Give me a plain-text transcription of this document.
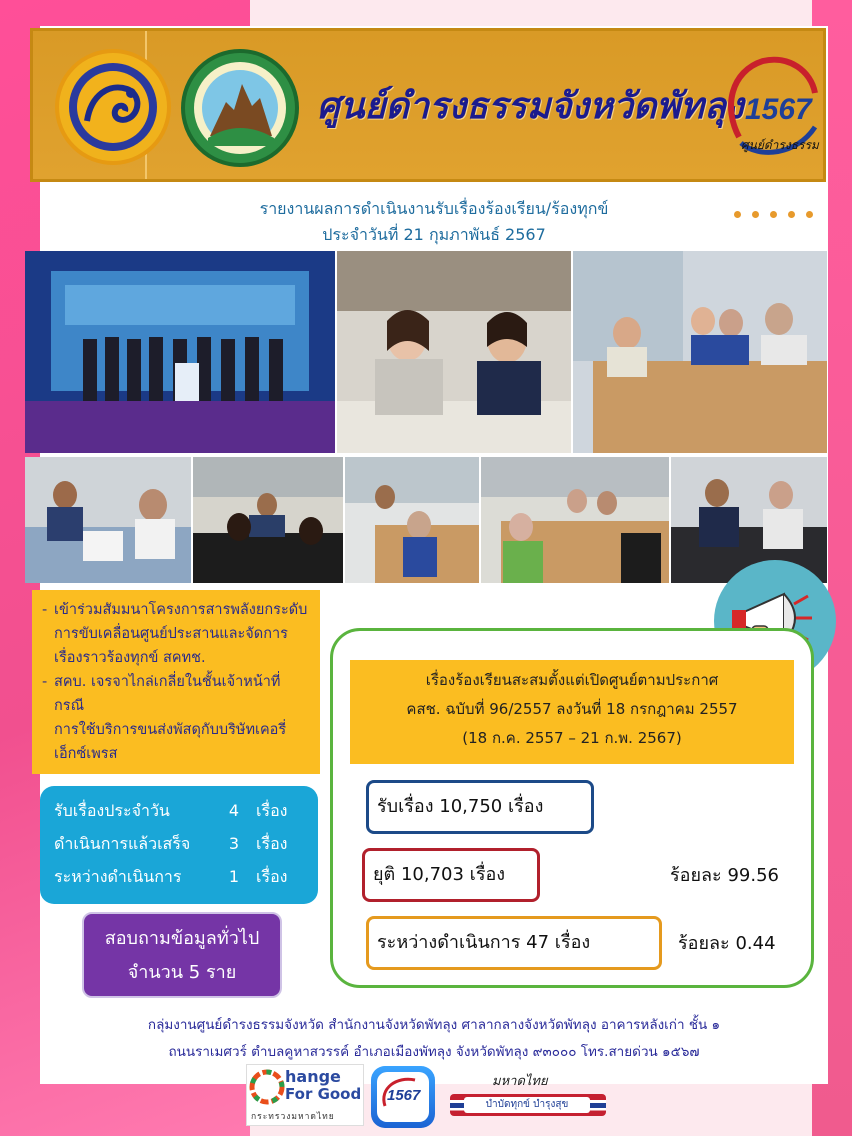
ศูนย์ดำรงธรรมจังหวัดพัทลุง 1567
ศูนย์ดำรงธรรม
รายงานผลการดำเนินงานรับเรื่องร้องเรียน/ร้องทุกข์
ประจำวันที่ 21 กุมภาพันธ์ 2567
- เข้าร่วมสัมมนาโครงการสารพลังยกระดับ
การขับเคลื่อนศูนย์ประสานและจัดการ
เรื่องราวร้องทุกข์ สคทช.
- สคบ. เจรจาไกล่เกลี่ยในชั้นเจ้าหน้าที่กรณี
การใช้บริการขนส่งพัสดุกับบริษัทเคอรี่
เอ็กซ์เพรส
รับเรื่องประจำวัน	4	เรื่อง
ดำเนินการแล้วเสร็จ	3	เรื่อง
ระหว่างดำเนินการ	1	เรื่อง
สอบถามข้อมูลทั่วไป
จำนวน 5 ราย
เรื่องร้องเรียนสะสมตั้งแต่เปิดศูนย์ตามประกาศ
คสช. ฉบับที่ 96/2557 ลงวันที่ 18 กรกฎาคม 2557
(18 ก.ค. 2557 – 21 ก.พ. 2567)
รับเรื่อง 10,750 เรื่อง
ยุติ 10,703 เรื่อง	ร้อยละ 99.56
ระหว่างดำเนินการ 47 เรื่อง	ร้อยละ 0.44
กลุ่มงานศูนย์ดำรงธรรมจังหวัด สำนักงานจังหวัดพัทลุง ศาลากลางจังหวัดพัทลุง อาคารหลังเก่า ชั้น ๑
ถนนราเมศวร์ ตำบลคูหาสวรรค์ อำเภอเมืองพัทลุง จังหวัดพัทลุง ๙๓๐๐๐ โทร.สายด่วน ๑๕๖๗
hange
For Good
กระทรวงมหาดไทย
1567
มหาดไทย
บำบัดทุกข์ บำรุงสุข
